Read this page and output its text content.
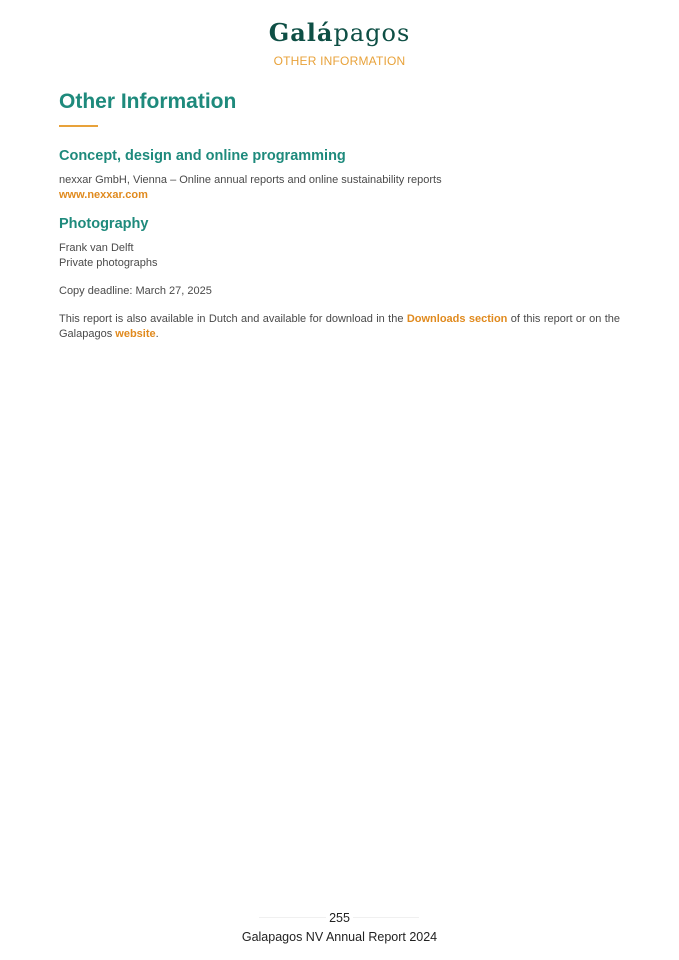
Galápagos
OTHER INFORMATION
Other Information
Concept, design and online programming
nexxar GmbH, Vienna – Online annual reports and online sustainability reports
www.nexxar.com
Photography
Frank van Delft
Private photographs
Copy deadline: March 27, 2025
This report is also available in Dutch and available for download in the Downloads section of this report or on the Galapagos website.
255
Galapagos NV Annual Report 2024
